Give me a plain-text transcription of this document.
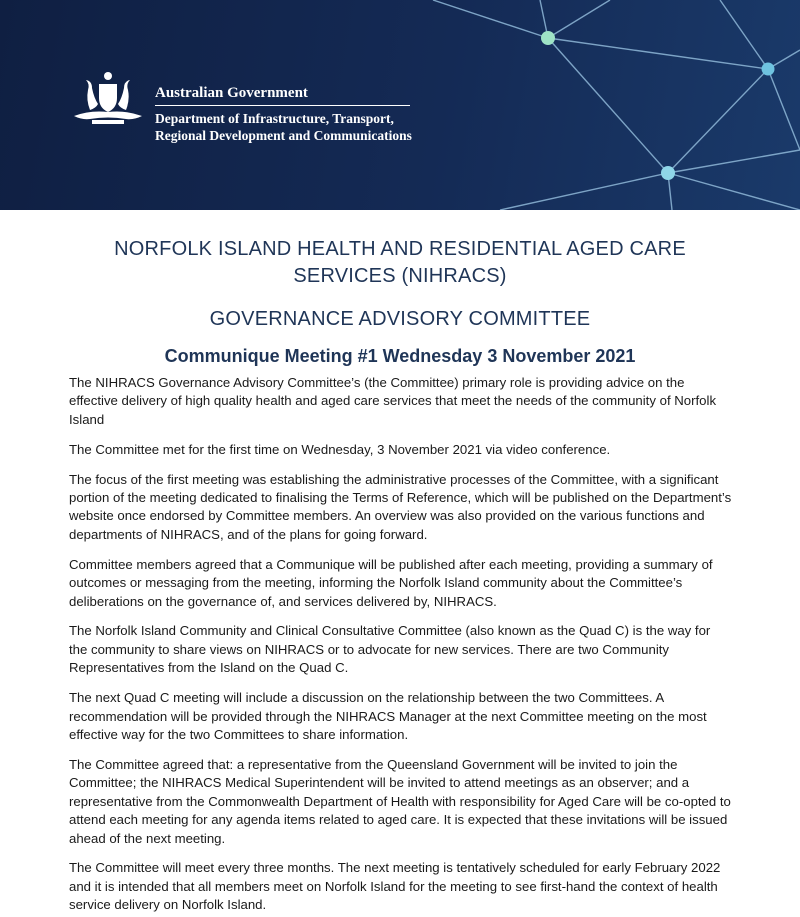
Australian Government
Department of Infrastructure, Transport,
Regional Development and Communications
NORFOLK ISLAND HEALTH AND RESIDENTIAL AGED CARE
SERVICES (NIHRACS)
GOVERNANCE ADVISORY COMMITTEE
Communique Meeting #1 Wednesday 3 November 2021

The NIHRACS Governance Advisory Committee’s (the Committee) primary role is providing advice on the effective delivery of high quality health and aged care services that meet the needs of the community of Norfolk Island

The Committee met for the first time on Wednesday, 3 November 2021 via video conference.

The focus of the first meeting was establishing the administrative processes of the Committee, with a significant portion of the meeting dedicated to finalising the Terms of Reference, which will be published on the Department’s website once endorsed by Committee members. An overview was also provided on the various functions and departments of NIHRACS, and of the plans for going forward.

Committee members agreed that a Communique will be published after each meeting, providing a summary of outcomes or messaging from the meeting, informing the Norfolk Island community about the Committee’s deliberations on the governance of, and services delivered by, NIHRACS.

The Norfolk Island Community and Clinical Consultative Committee (also known as the Quad C) is the way for the community to share views on NIHRACS or to advocate for new services. There are two Community Representatives from the Island on the Quad C.

The next Quad C meeting will include a discussion on the relationship between the two Committees. A recommendation will be provided through the NIHRACS Manager at the next Committee meeting on the most effective way for the two Committees to share information.

The Committee agreed that: a representative from the Queensland Government will be invited to join the Committee; the NIHRACS Medical Superintendent will be invited to attend meetings as an observer; and a representative from the Commonwealth Department of Health with responsibility for Aged Care will be co-opted to attend each meeting for any agenda items related to aged care. It is expected that these invitations will be issued ahead of the next meeting.

The Committee will meet every three months. The next meeting is tentatively scheduled for early February 2022 and it is intended that all members meet on Norfolk Island for the meeting to see first-hand the context of health service delivery on Norfolk Island.
